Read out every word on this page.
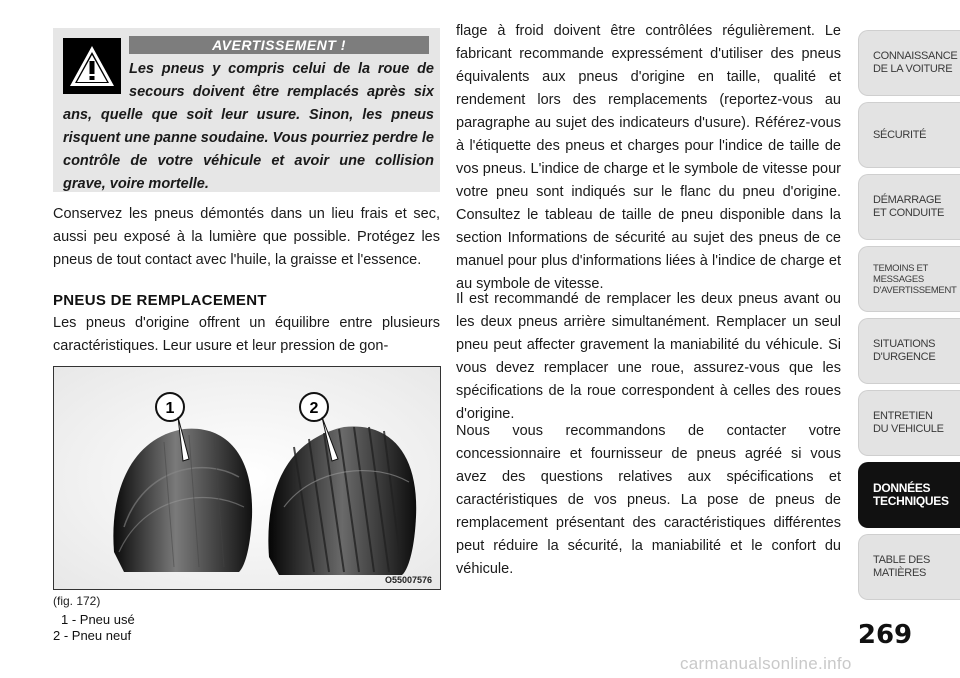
AVERTISSEMENT !

Les pneus y compris celui de la roue de secours doivent être remplacés après six ans, quelle que soit leur usure. Sinon, les pneus risquent une panne soudaine. Vous pourriez perdre le contrôle de votre véhicule et avoir une collision grave, voire mortelle.

Conservez les pneus démontés dans un lieu frais et sec, aussi peu exposé à la lumière que possible. Protégez les pneus de tout contact avec l'huile, la graisse et l'essence.

PNEUS DE REMPLACEMENT

Les pneus d'origine offrent un équilibre entre plusieurs caractéristiques. Leur usure et leur pression de gon-

1	2
O55007576
(fig. 172)
1 - Pneu usé
2 - Pneu neuf

flage à froid doivent être contrôlées régulièrement. Le fabricant recommande expressément d'utiliser des pneus équivalents aux pneus d'origine en taille, qualité et rendement lors des remplacements (reportez-vous au paragraphe au sujet des indicateurs d'usure). Référez-vous à l'étiquette des pneus et charges pour l'indice de taille de vos pneus. L'indice de charge et le symbole de vitesse pour votre pneu sont indiqués sur le flanc du pneu d'origine. Consultez le tableau de taille de pneu disponible dans la section Informations de sécurité au sujet des pneus de ce manuel pour plus d'informations liées à l'indice de charge et au symbole de vitesse.

Il est recommandé de remplacer les deux pneus avant ou les deux pneus arrière simultanément. Remplacer un seul pneu peut affecter gravement la maniabilité du véhicule. Si vous devez remplacer une roue, assurez-vous que les spécifications de la roue correspondent à celles des roues d'origine.

Nous vous recommandons de contacter votre concessionnaire et fournisseur de pneus agréé si vous avez des questions relatives aux spécifications et caractéristiques de vos pneus. La pose de pneus de remplacement présentant des caractéristiques différentes peut réduire la sécurité, la maniabilité et le confort du véhicule.

CONNAISSANCE
DE LA VOITURE
SÉCURITÉ
DÉMARRAGE
ET CONDUITE
TEMOINS ET
MESSAGES
D'AVERTISSEMENT
SITUATIONS
D'URGENCE
ENTRETIEN
DU VEHICULE
DONNÉES
TECHNIQUES
TABLE DES
MATIÈRES
269
carmanualsonline.info
